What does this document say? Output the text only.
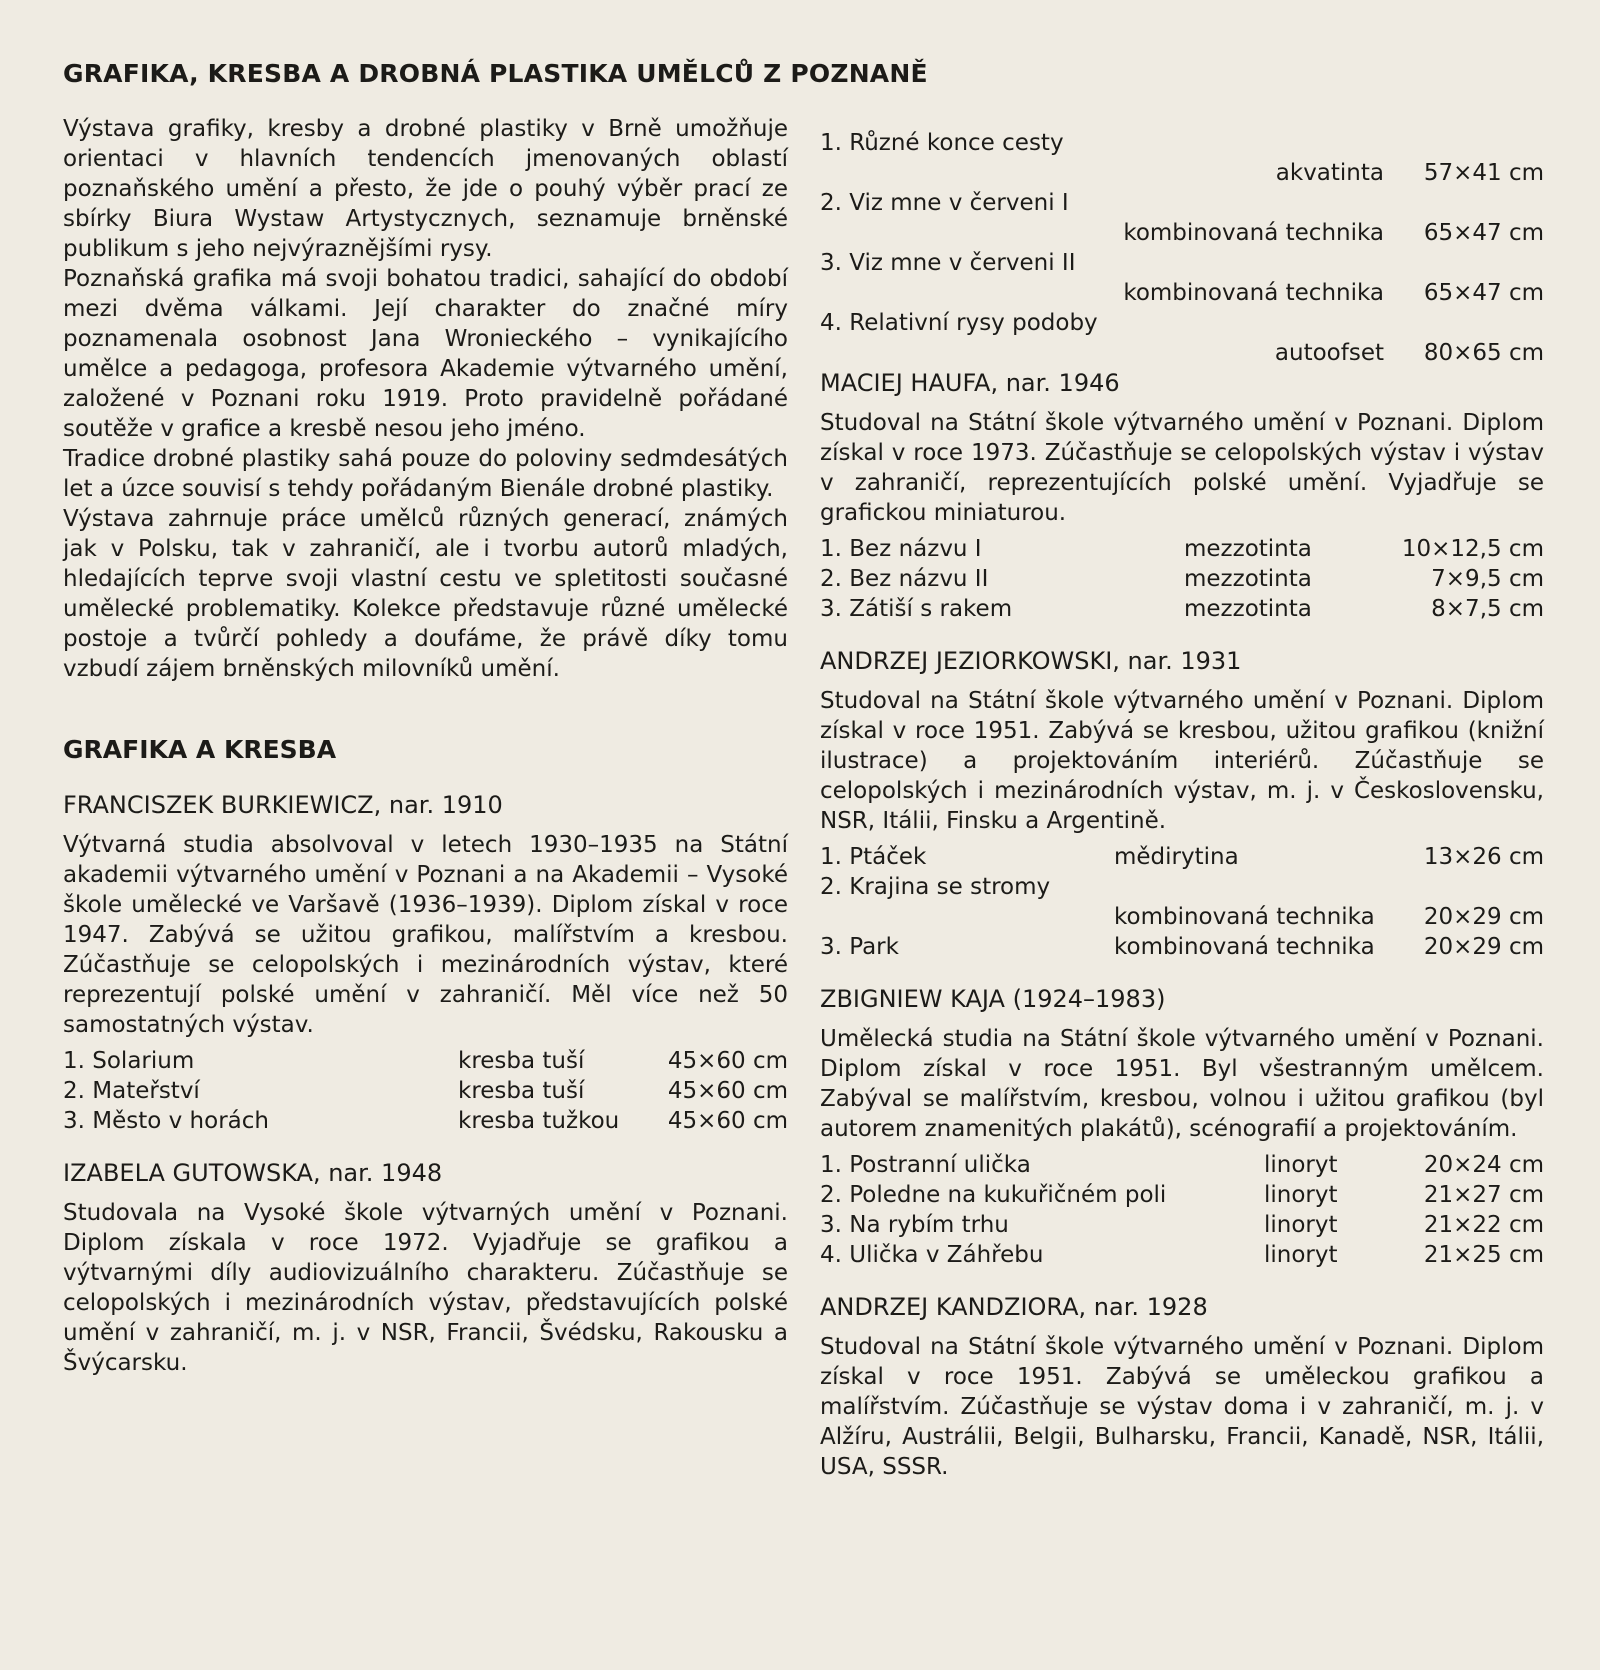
GRAFIKA, KRESBA A DROBNÁ PLASTIKA UMĚLCŮ Z POZNANĚ

Výstava grafiky, kresby a drobné plastiky v Brně umožňuje orientaci v hlavních tendencích jmenovaných oblastí poznaňského umění a přesto, že jde o pouhý výběr prací ze sbírky Biura Wystaw Artystycznych, seznamuje brněnské publikum s jeho nejvýraznějšími rysy.

Poznaňská grafika má svoji bohatou tradici, sahající do období mezi dvěma válkami. Její charakter do značné míry poznamenala osobnost Jana Wronieckého – vynikajícího umělce a pedagoga, profesora Akademie výtvarného umění, založené v Poznani roku 1919. Proto pravidelně pořádané soutěže v grafice a kresbě nesou jeho jméno.

Tradice drobné plastiky sahá pouze do poloviny sedmdesátých let a úzce souvisí s tehdy pořádaným Bienále drobné plastiky.

Výstava zahrnuje práce umělců různých generací, známých jak v Polsku, tak v zahraničí, ale i tvorbu autorů mladých, hledajících teprve svoji vlastní cestu ve spletitosti současné umělecké problematiky. Kolekce představuje různé umělecké postoje a tvůrčí pohledy a doufáme, že právě díky tomu vzbudí zájem brněnských milovníků umění.

GRAFIKA A KRESBA
FRANCISZEK BURKIEWICZ, nar. 1910

Výtvarná studia absolvoval v letech 1930–1935 na Státní akademii výtvarného umění v Poznani a na Akademii – Vysoké škole umělecké ve Varšavě (1936–1939). Diplom získal v roce 1947. Zabývá se užitou grafikou, malířstvím a kresbou. Zúčastňuje se celopolských i mezinárodních výstav, které reprezentují polské umění v zahraničí. Měl více než 50 samostatných výstav.

1. Solarium	kresba tuší	45×60 cm
2. Mateřství	kresba tuší	45×60 cm
3. Město v horách	kresba tužkou	45×60 cm
IZABELA GUTOWSKA, nar. 1948

Studovala na Vysoké škole výtvarných umění v Poznani. Diplom získala v roce 1972. Vyjadřuje se grafikou a výtvarnými díly audiovizuálního charakteru. Zúčastňuje se celopolských i mezinárodních výstav, představujících polské umění v zahraničí, m. j. v NSR, Francii, Švédsku, Rakousku a Švýcarsku.

1. Různé konce cesty
akvatinta	57×41 cm
2. Viz mne v červeni I
kombinovaná technika	65×47 cm
3. Viz mne v červeni II
kombinovaná technika	65×47 cm
4. Relativní rysy podoby
autoofset	80×65 cm
MACIEJ HAUFA, nar. 1946

Studoval na Státní škole výtvarného umění v Poznani. Diplom získal v roce 1973. Zúčastňuje se celopolských výstav i výstav v zahraničí, reprezentujících polské umění. Vyjadřuje se grafickou miniaturou.

1. Bez názvu I	mezzotinta	10×12,5 cm
2. Bez názvu II	mezzotinta	7×9,5 cm
3. Zátiší s rakem	mezzotinta	8×7,5 cm
ANDRZEJ JEZIORKOWSKI, nar. 1931

Studoval na Státní škole výtvarného umění v Poznani. Diplom získal v roce 1951. Zabývá se kresbou, užitou grafikou (knižní ilustrace) a projektováním interiérů. Zúčastňuje se celopolských i mezinárodních výstav, m. j. v Československu, NSR, Itálii, Finsku a Argentině.

1. Ptáček	mědirytina	13×26 cm
2. Krajina se stromy
kombinovaná technika	20×29 cm
3. Park	kombinovaná technika	20×29 cm
ZBIGNIEW KAJA (1924–1983)

Umělecká studia na Státní škole výtvarného umění v Poznani. Diplom získal v roce 1951. Byl všestranným umělcem. Zabýval se malířstvím, kresbou, volnou i užitou grafikou (byl autorem znamenitých plakátů), scénografií a projektováním.

1. Postranní ulička	linoryt	20×24 cm
2. Poledne na kukuřičném poli	linoryt	21×27 cm
3. Na rybím trhu	linoryt	21×22 cm
4. Ulička v Záhřebu	linoryt	21×25 cm
ANDRZEJ KANDZIORA, nar. 1928

Studoval na Státní škole výtvarného umění v Poznani. Diplom získal v roce 1951. Zabývá se uměleckou grafikou a malířstvím. Zúčastňuje se výstav doma i v zahraničí, m. j. v Alžíru, Austrálii, Belgii, Bulharsku, Francii, Kanadě, NSR, Itálii, USA, SSSR.
